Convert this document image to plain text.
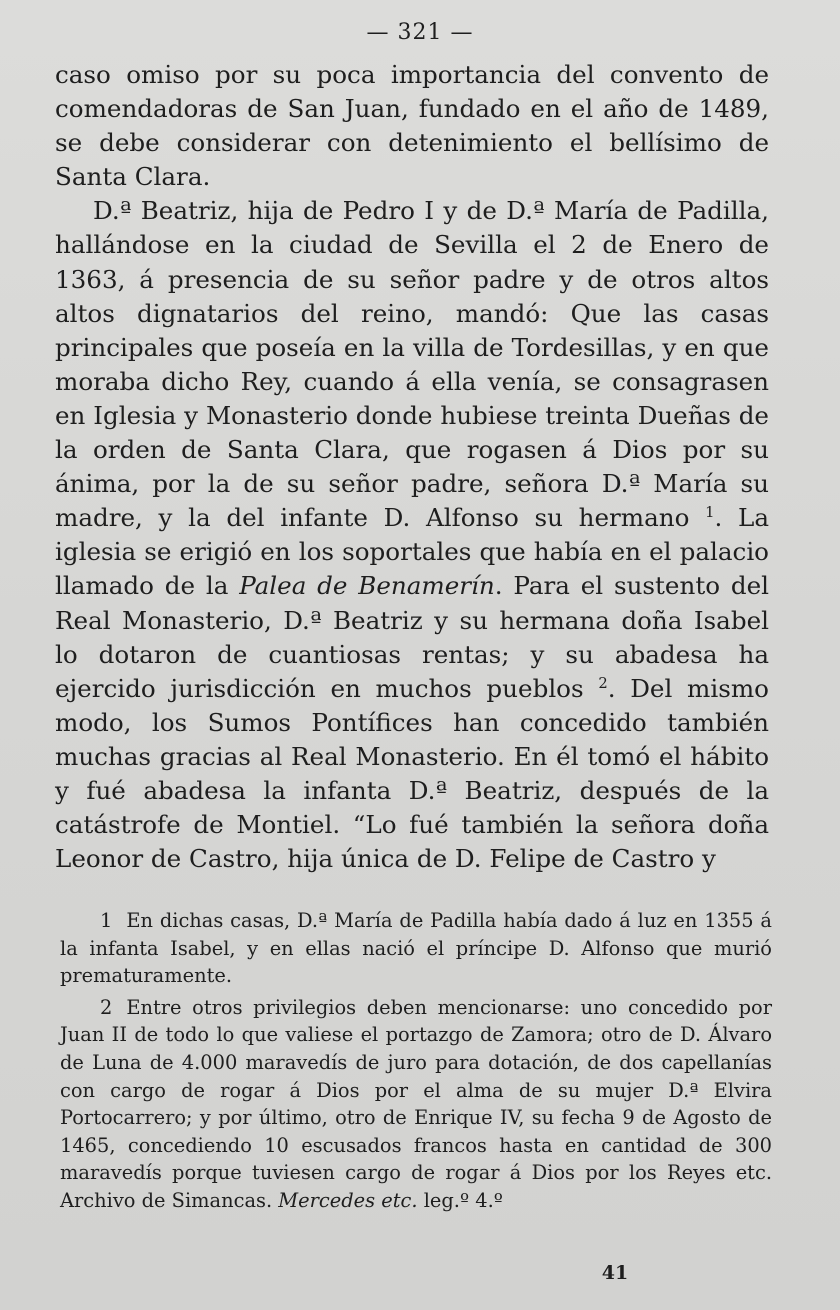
— 321 —

caso omiso por su poca importancia del convento de comendadoras de San Juan, fundado en el año de 1489, se debe considerar con detenimiento el bellísimo de Santa Clara.

D.ª Beatriz, hija de Pedro I y de D.ª María de Padilla, hallándose en la ciudad de Sevilla el 2 de Enero de 1363, á presencia de su señor padre y de otros altos altos dignatarios del reino, mandó: Que las casas principales que poseía en la villa de Tordesillas, y en que moraba dicho Rey, cuando á ella venía, se consagrasen en Iglesia y Monasterio donde hubiese treinta Dueñas de la orden de Santa Clara, que rogasen á Dios por su ánima, por la de su señor padre, señora D.ª María su madre, y la del infante D. Alfonso su hermano $^1$. La iglesia se erigió en los soportales que había en el palacio llamado de la Palea de Benamerín. Para el sustento del Real Monasterio, D.ª Beatriz y su hermana doña Isabel lo dotaron de cuantiosas rentas; y su abadesa ha ejercido jurisdicción en muchos pueblos $^2$. Del mismo modo, los Sumos Pontífices han concedido también muchas gracias al Real Monasterio. En él tomó el hábito y fué abadesa la infanta D.ª Beatriz, después de la catástrofe de Montiel. “Lo fué también la señora doña Leonor de Castro, hija única de D. Felipe de Castro y

1 En dichas casas, D.ª María de Padilla había dado á luz en 1355 á la infanta Isabel, y en ellas nació el príncipe D. Alfonso que murió prematuramente.

2 Entre otros privilegios deben mencionarse: uno concedido por Juan II de todo lo que valiese el portazgo de Zamora; otro de D. Álvaro de Luna de 4.000 maravedís de juro para dotación, de dos capellanías con cargo de rogar á Dios por el alma de su mujer D.ª Elvira Portocarrero; y por último, otro de Enrique IV, su fecha 9 de Agosto de 1465, concediendo 10 escusados francos hasta en cantidad de 300 maravedís porque tuviesen cargo de rogar á Dios por los Reyes etc. Archivo de Simancas. Mercedes etc. leg.º 4.º

41
